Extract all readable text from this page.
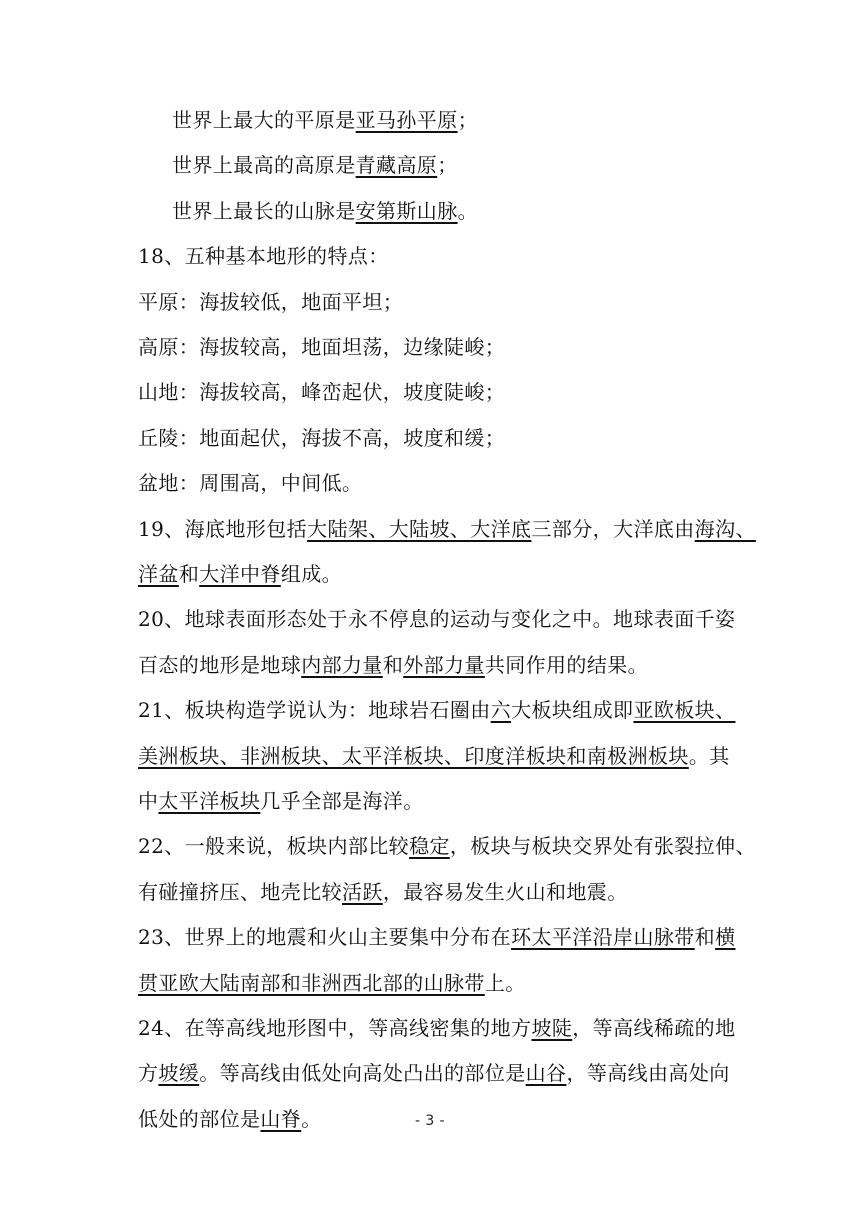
世界上最大的平原是亚马孙平原；
世界上最高的高原是青藏高原；
世界上最长的山脉是安第斯山脉。
18、五种基本地形的特点：
平原：海拔较低，地面平坦；
高原：海拔较高，地面坦荡，边缘陡峻；
山地：海拔较高，峰峦起伏，坡度陡峻；
丘陵：地面起伏，海拔不高，坡度和缓；
盆地：周围高，中间低。
19、海底地形包括大陆架、大陆坡、大洋底三部分，大洋底由海沟、
洋盆和大洋中脊组成。
20、地球表面形态处于永不停息的运动与变化之中。地球表面千姿
百态的地形是地球内部力量和外部力量共同作用的结果。
21、板块构造学说认为：地球岩石圈由六大板块组成即亚欧板块、
美洲板块、非洲板块、太平洋板块、印度洋板块和南极洲板块。其
中太平洋板块几乎全部是海洋。
22、一般来说，板块内部比较稳定，板块与板块交界处有张裂拉伸、
有碰撞挤压、地壳比较活跃，最容易发生火山和地震。
23、世界上的地震和火山主要集中分布在环太平洋沿岸山脉带和横
贯亚欧大陆南部和非洲西北部的山脉带上。
24、在等高线地形图中，等高线密集的地方坡陡，等高线稀疏的地
方坡缓。等高线由低处向高处凸出的部位是山谷，等高线由高处向
低处的部位是山脊。	- 3 -
